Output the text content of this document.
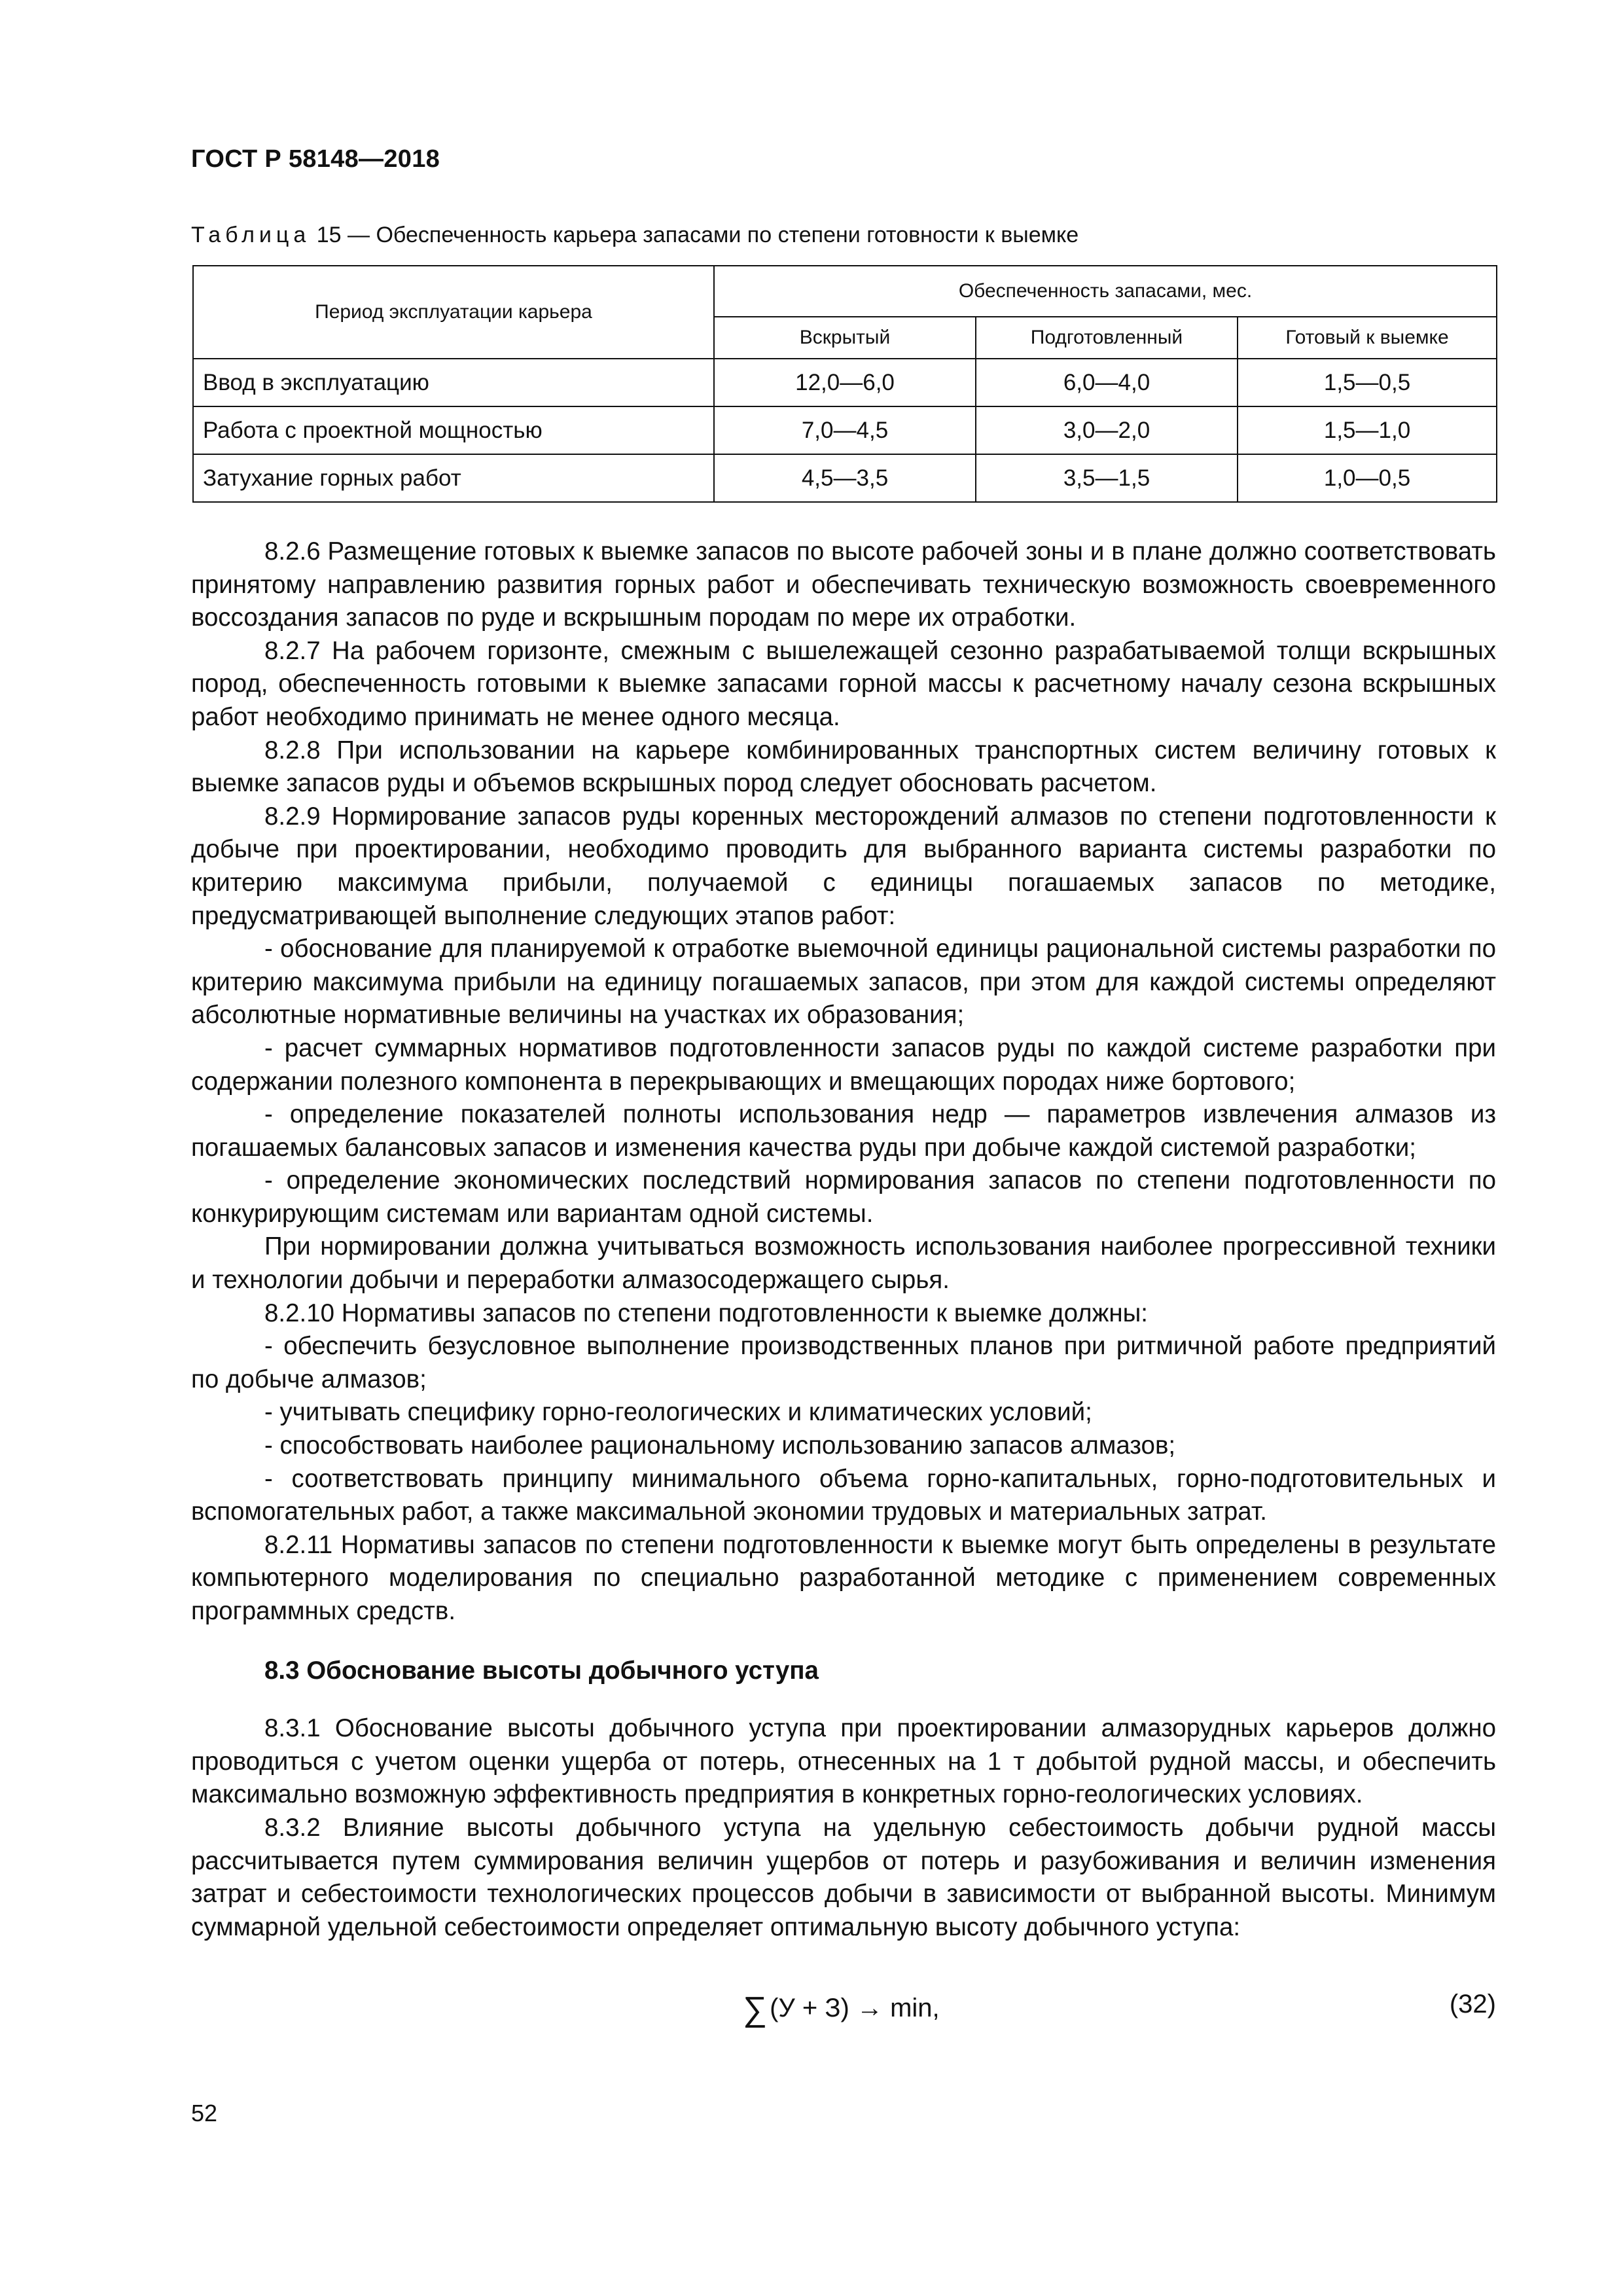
ГОСТ Р 58148—2018
Таблица 15 — Обеспеченность карьера запасами по степени готовности к выемке
Период эксплуатации карьера	Обеспеченность запасами, мес.		
	Вскрытый	Подготовленный	Готовый к выемке
Ввод в эксплуатацию	12,0—6,0	6,0—4,0	1,5—0,5
Работа с проектной мощностью	7,0—4,5	3,0—2,0	1,5—1,0
Затухание горных работ	4,5—3,5	3,5—1,5	1,0—0,5

8.2.6 Размещение готовых к выемке запасов по высоте рабочей зоны и в плане должно соответствовать принятому направлению развития горных работ и обеспечивать техническую возможность своевременного воссоздания запасов по руде и вскрышным породам по мере их отработки.

8.2.7 На рабочем горизонте, смежным с вышележащей сезонно разрабатываемой толщи вскрышных пород, обеспеченность готовыми к выемке запасами горной массы к расчетному началу сезона вскрышных работ необходимо принимать не менее одного месяца.

8.2.8 При использовании на карьере комбинированных транспортных систем величину готовых к выемке запасов руды и объемов вскрышных пород следует обосновать расчетом.

8.2.9 Нормирование запасов руды коренных месторождений алмазов по степени подготовленности к добыче при проектировании, необходимо проводить для выбранного варианта системы разработки по критерию максимума прибыли, получаемой с единицы погашаемых запасов по методике, предусматривающей выполнение следующих этапов работ:

- обоснование для планируемой к отработке выемочной единицы рациональной системы разработки по критерию максимума прибыли на единицу погашаемых запасов, при этом для каждой системы определяют абсолютные нормативные величины на участках их образования;

- расчет суммарных нормативов подготовленности запасов руды по каждой системе разработки при содержании полезного компонента в перекрывающих и вмещающих породах ниже бортового;

- определение показателей полноты использования недр — параметров извлечения алмазов из погашаемых балансовых запасов и изменения качества руды при добыче каждой системой разработки;

- определение экономических последствий нормирования запасов по степени подготовленности по конкурирующим системам или вариантам одной системы.

При нормировании должна учитываться возможность использования наиболее прогрессивной техники и технологии добычи и переработки алмазосодержащего сырья.

8.2.10 Нормативы запасов по степени подготовленности к выемке должны:

- обеспечить безусловное выполнение производственных планов при ритмичной работе предприятий по добыче алмазов;

- учитывать специфику горно-геологических и климатических условий;

- способствовать наиболее рациональному использованию запасов алмазов;

- соответствовать принципу минимального объема горно-капитальных, горно-подготовительных и вспомогательных работ, а также максимальной экономии трудовых и материальных затрат.

8.2.11 Нормативы запасов по степени подготовленности к выемке могут быть определены в результате компьютерного моделирования по специально разработанной методике с применением современных программных средств.

8.3 Обоснование высоты добычного уступа

8.3.1 Обоснование высоты добычного уступа при проектировании алмазорудных карьеров должно проводиться с учетом оценки ущерба от потерь, отнесенных на 1 т добытой рудной массы, и обеспечить максимально возможную эффективность предприятия в конкретных горно-геологических условиях.

8.3.2 Влияние высоты добычного уступа на удельную себестоимость добычи рудной массы рассчитывается путем суммирования величин ущербов от потерь и разубоживания и величин изменения затрат и себестоимости технологических процессов добычи в зависимости от выбранной высоты. Минимум суммарной удельной себестоимости определяет оптимальную высоту добычного уступа:

∑ (У + З) → min,	(32)
52
